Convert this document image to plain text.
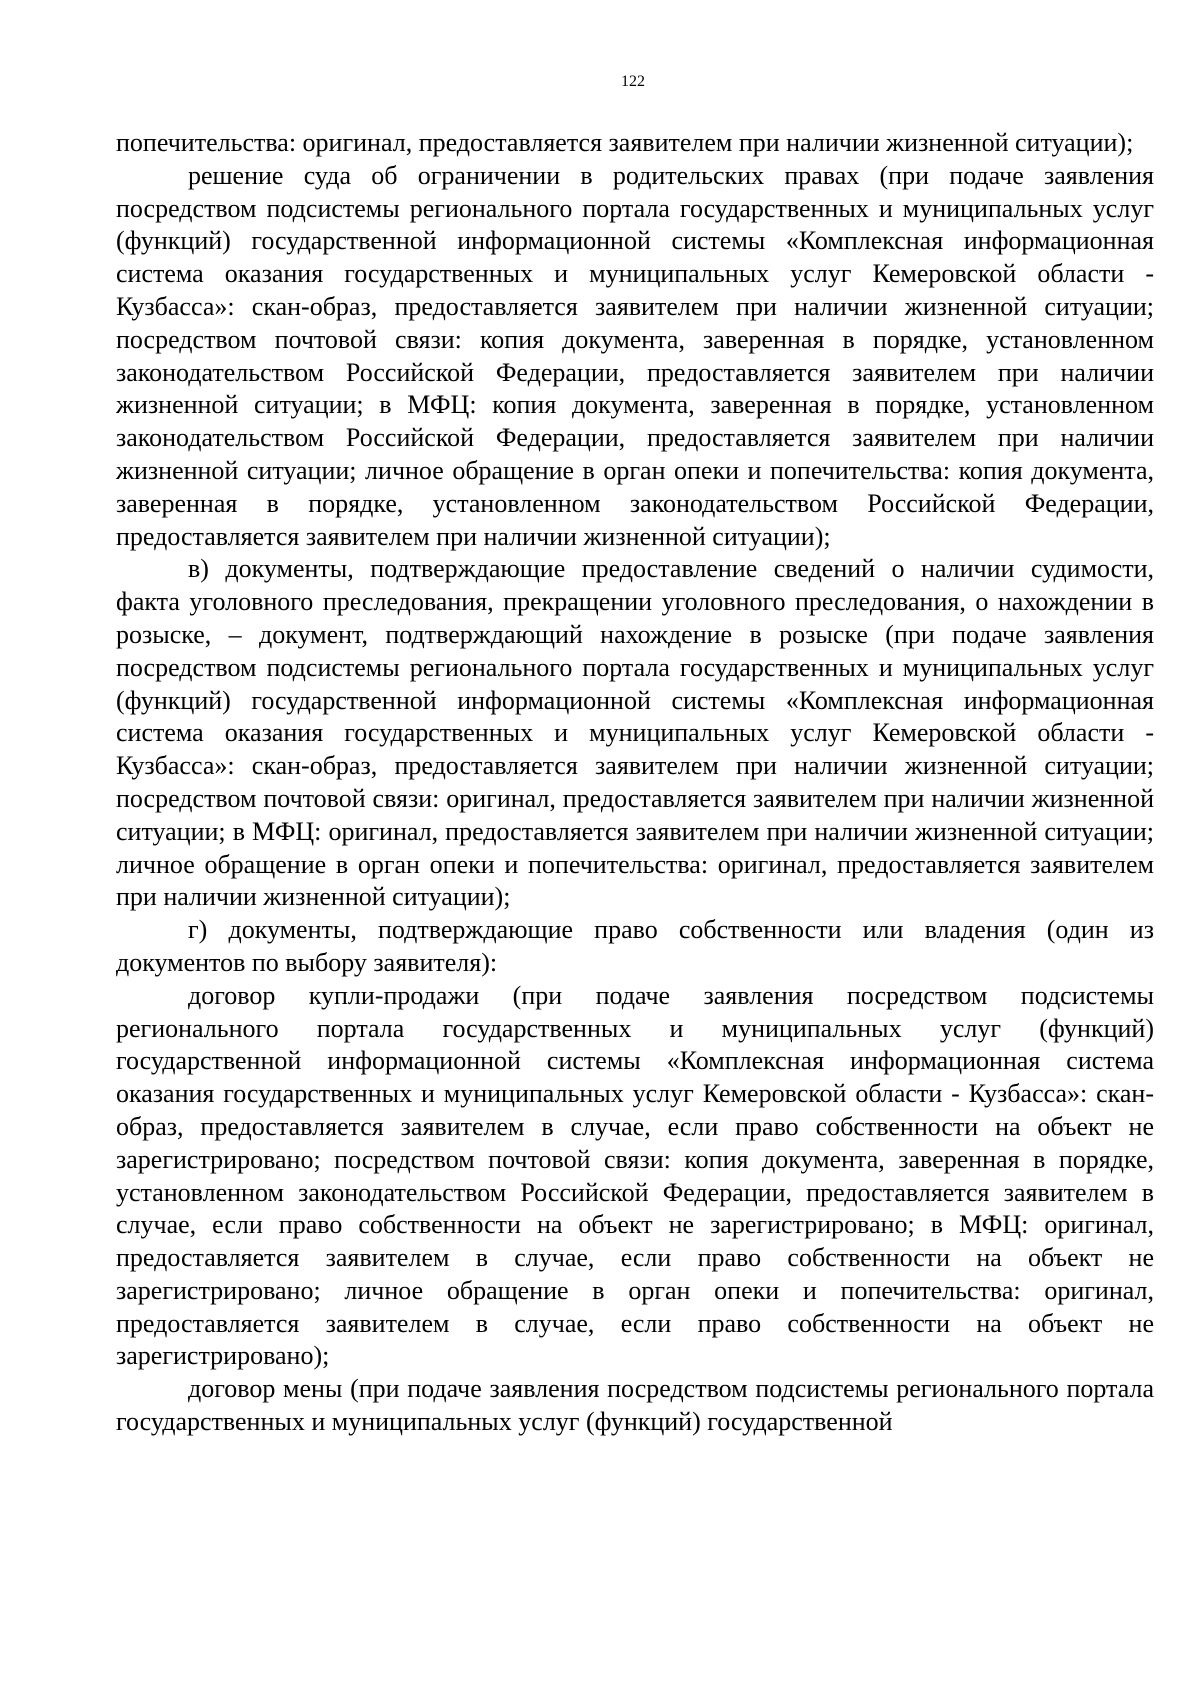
122

попечительства: оригинал, предоставляется заявителем при наличии жизненной ситуации);

решение суда об ограничении в родительских правах (при подаче заявления посредством подсистемы регионального портала государственных и муниципальных услуг (функций) государственной информационной системы «Комплексная информационная система оказания государственных и муниципальных услуг Кемеровской области - Кузбасса»: скан-образ, предоставляется заявителем при наличии жизненной ситуации; посредством почтовой связи: копия документа, заверенная в порядке, установленном законодательством Российской Федерации, предоставляется заявителем при наличии жизненной ситуации; в МФЦ: копия документа, заверенная в порядке, установленном законодательством Российской Федерации, предоставляется заявителем при наличии жизненной ситуации; личное обращение в орган опеки и попечительства: копия документа, заверенная в порядке, установленном законодательством Российской Федерации, предоставляется заявителем при наличии жизненной ситуации);

в) документы, подтверждающие предоставление сведений о наличии судимости, факта уголовного преследования, прекращении уголовного преследования, о нахождении в розыске, – документ, подтверждающий нахождение в розыске (при подаче заявления посредством подсистемы регионального портала государственных и муниципальных услуг (функций) государственной информационной системы «Комплексная информационная система оказания государственных и муниципальных услуг Кемеровской области - Кузбасса»: скан-образ, предоставляется заявителем при наличии жизненной ситуации; посредством почтовой связи: оригинал, предоставляется заявителем при наличии жизненной ситуации; в МФЦ: оригинал, предоставляется заявителем при наличии жизненной ситуации; личное обращение в орган опеки и попечительства: оригинал, предоставляется заявителем при наличии жизненной ситуации);

г) документы, подтверждающие право собственности или владения (один из документов по выбору заявителя):

договор купли-продажи (при подаче заявления посредством подсистемы регионального портала государственных и муниципальных услуг (функций) государственной информационной системы «Комплексная информационная система оказания государственных и муниципальных услуг Кемеровской области - Кузбасса»: скан-образ, предоставляется заявителем в случае, если право собственности на объект не зарегистрировано; посредством почтовой связи: копия документа, заверенная в порядке, установленном законодательством Российской Федерации, предоставляется заявителем в случае, если право собственности на объект не зарегистрировано; в МФЦ: оригинал, предоставляется заявителем в случае, если право собственности на объект не зарегистрировано; личное обращение в орган опеки и попечительства: оригинал, предоставляется заявителем в случае, если право собственности на объект не зарегистрировано);

договор мены (при подаче заявления посредством подсистемы регионального портала государственных и муниципальных услуг (функций) государственной
